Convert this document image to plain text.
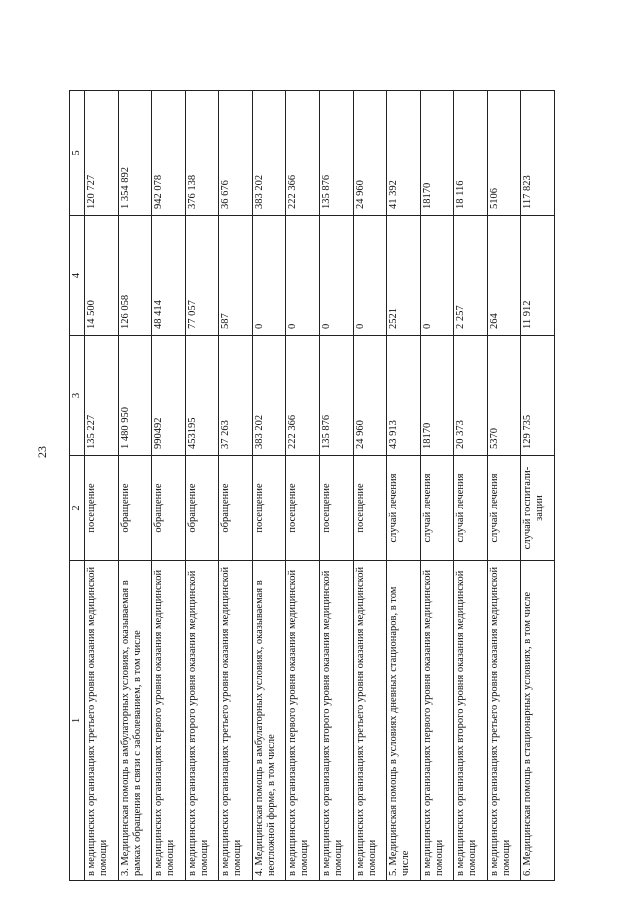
23
1	2	3	4	5
в медицинских организациях третьего уровня оказания медицинской помощи	посещение	135 227	14 500	120 727
3. Медицинская помощь в амбулаторных условиях, оказываемая в рамках обращения в связи с заболеванием, в том числе	обращение	1 480 950	126 058	1 354 892
в медицинских организациях первого уровня оказания медицинской помощи	обращение	990492	48 414	942 078
в медицинских организациях второго уровня оказания медицинской помощи	обращение	453195	77 057	376 138
в медицинских организациях третьего уровня оказания медицинской помощи	обращение	37 263	587	36 676
4. Медицинская помощь в амбулаторных условиях, оказываемая в неотложной форме, в том числе	посещение	383 202	0	383 202
в медицинских организациях первого уровня оказания медицинской помощи	посещение	222 366	0	222 366
в медицинских организациях второго уровня оказания медицинской помощи	посещение	135 876	0	135 876
в медицинских организациях третьего уровня оказания медицинской помощи	посещение	24 960	0	24 960
5. Медицинская помощь в условиях дневных стационаров, в том числе	случай лечения	43 913	2521	41 392
в медицинских организациях первого уровня оказания медицинской помощи	случай лечения	18170	0	18170
в медицинских организациях второго уровня оказания медицинской помощи	случай лечения	20 373	2 257	18 116
в медицинских организациях третьего уровня оказания медицинской помощи	случай лечения	5370	264	5106
6. Медицинская помощь в стационарных условиях, в том числе	случай госпитали-зации	129 735	11 912	117 823
